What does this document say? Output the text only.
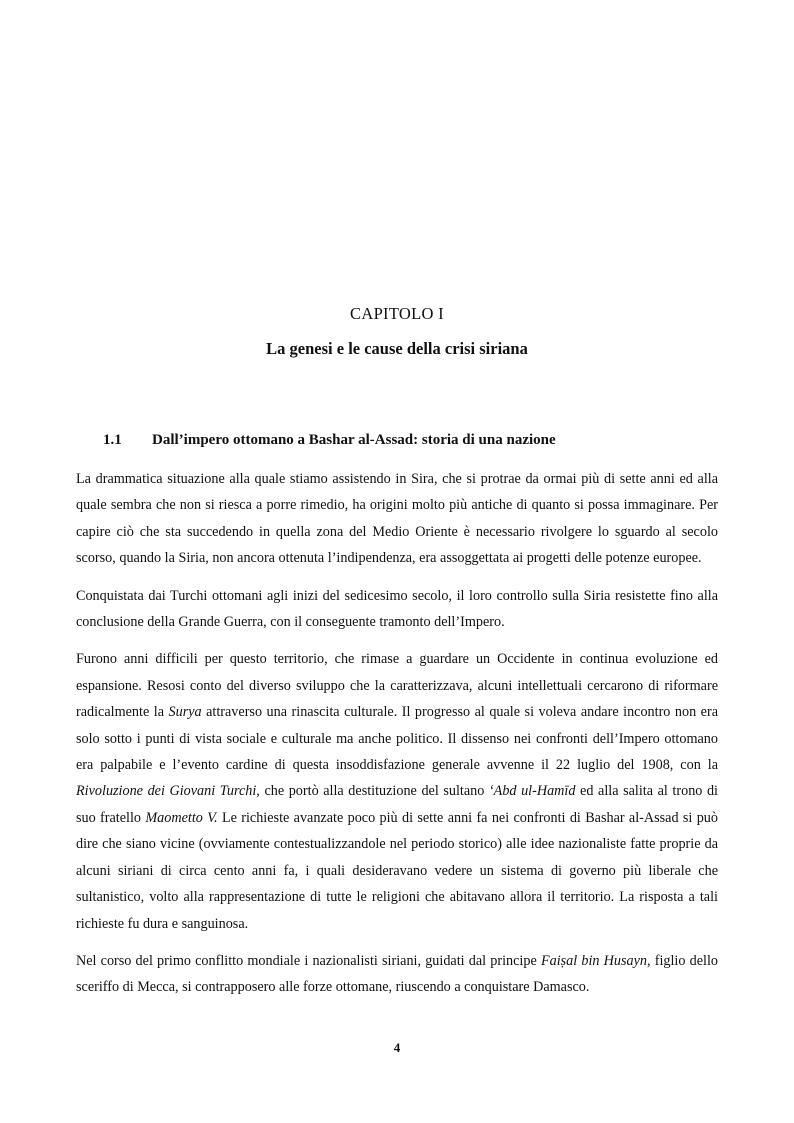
CAPITOLO I
La genesi e le cause della crisi siriana
1.1 Dall’impero ottomano a Bashar al-Assad: storia di una nazione

La drammatica situazione alla quale stiamo assistendo in Sira, che si protrae da ormai più di sette anni ed alla quale sembra che non si riesca a porre rimedio, ha origini molto più antiche di quanto si possa immaginare. Per capire ciò che sta succedendo in quella zona del Medio Oriente è necessario rivolgere lo sguardo al secolo scorso, quando la Siria, non ancora ottenuta l’indipendenza, era assoggettata ai progetti delle potenze europee.

Conquistata dai Turchi ottomani agli inizi del sedicesimo secolo, il loro controllo sulla Siria resistette fino alla conclusione della Grande Guerra, con il conseguente tramonto dell’Impero.

Furono anni difficili per questo territorio, che rimase a guardare un Occidente in continua evoluzione ed espansione. Resosi conto del diverso sviluppo che la caratterizzava, alcuni intellettuali cercarono di riformare radicalmente la Surya attraverso una rinascita culturale. Il progresso al quale si voleva andare incontro non era solo sotto i punti di vista sociale e culturale ma anche politico. Il dissenso nei confronti dell’Impero ottomano era palpabile e l’evento cardine di questa insoddisfazione generale avvenne il 22 luglio del 1908, con la Rivoluzione dei Giovani Turchi, che portò alla destituzione del sultano ‘Abd ul-Hamīd ed alla salita al trono di suo fratello Maometto V. Le richieste avanzate poco più di sette anni fa nei confronti di Bashar al-Assad si può dire che siano vicine (ovviamente contestualizzandole nel periodo storico) alle idee nazionaliste fatte proprie da alcuni siriani di circa cento anni fa, i quali desideravano vedere un sistema di governo più liberale che sultanistico, volto alla rappresentazione di tutte le religioni che abitavano allora il territorio. La risposta a tali richieste fu dura e sanguinosa.

Nel corso del primo conflitto mondiale i nazionalisti siriani, guidati dal principe Faiṣal bin Husayn, figlio dello sceriffo di Mecca, si contrapposero alle forze ottomane, riuscendo a conquistare Damasco.

4
